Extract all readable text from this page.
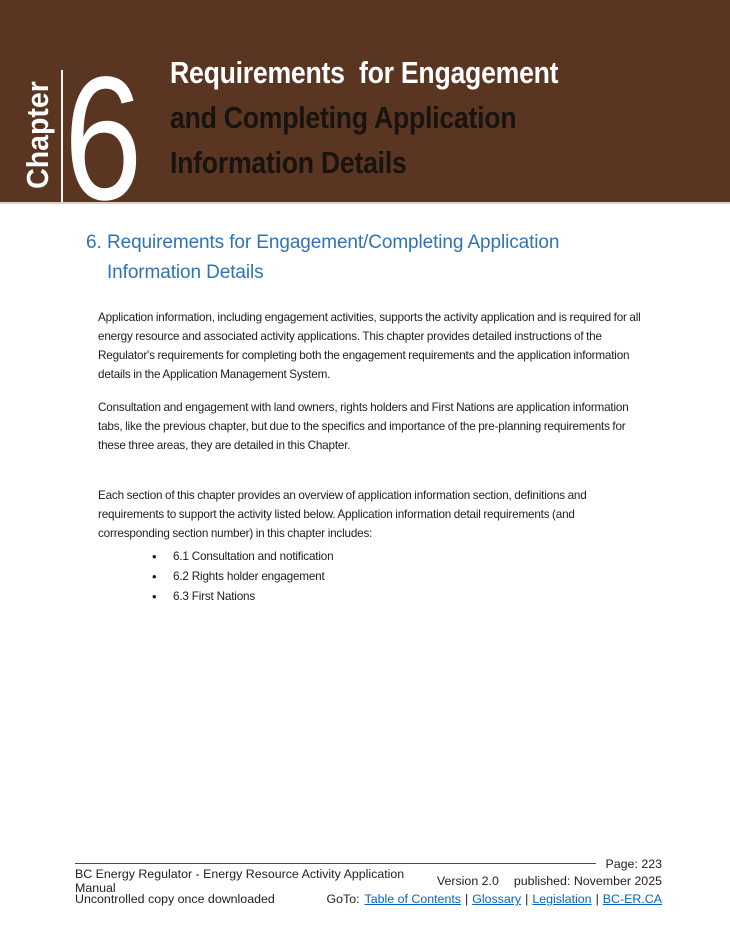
Chapter 6 Requirements  for Engagement
and Completing Application
Information Details
6. Requirements for Engagement/Completing Application
Information Details

Application information, including engagement activities, supports the activity application and is required for all energy resource and associated activity applications. This chapter provides detailed instructions of the Regulator's requirements for completing both the engagement requirements and the application information details in the Application Management System.

Consultation and engagement with land owners, rights holders and First Nations are application information tabs, like the previous chapter, but due to the specifics and importance of the pre-planning requirements for these three areas, they are detailed in this Chapter.

Each section of this chapter provides an overview of application information section, definitions and requirements to support the activity listed below. Application information detail requirements (and corresponding section number) in this chapter includes:

• 6.1 Consultation and notification
• 6.2 Rights holder engagement
• 6.3 First Nations
Page: 223
BC Energy Regulator - Energy Resource Activity Application Manual	Version 2.0 published: November 2025
Uncontrolled copy once downloaded	GoTo: Table of Contents | Glossary | Legislation | BC-ER.CA
